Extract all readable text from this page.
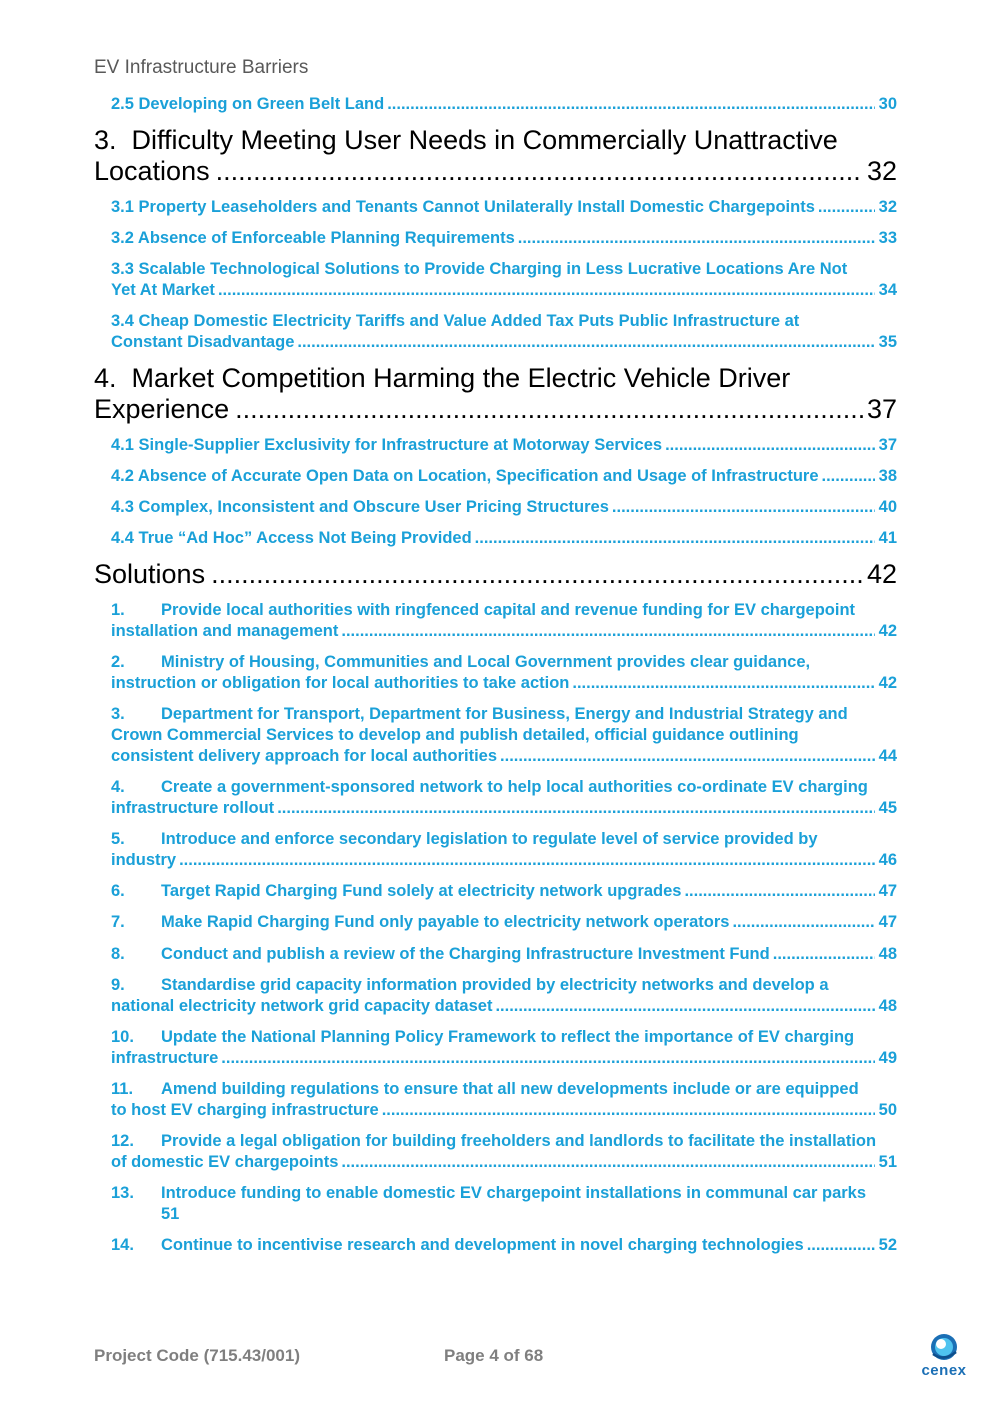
EV Infrastructure Barriers
2.5 Developing on Green Belt Land .....	30
3.  Difficulty Meeting User Needs in Commercially Unattractive
Locations .....	32
3.1 Property Leaseholders and Tenants Cannot Unilaterally Install Domestic Chargepoints .....	32
3.2 Absence of Enforceable Planning Requirements .....	33
3.3 Scalable Technological Solutions to Provide Charging in Less Lucrative Locations Are Not
Yet At Market .....	34
3.4 Cheap Domestic Electricity Tariffs and Value Added Tax Puts Public Infrastructure at
Constant Disadvantage .....	35
4.  Market Competition Harming the Electric Vehicle Driver
Experience .....	37
4.1 Single-Supplier Exclusivity for Infrastructure at Motorway Services .....	37
4.2 Absence of Accurate Open Data on Location, Specification and Usage of Infrastructure .....	38
4.3 Complex, Inconsistent and Obscure User Pricing Structures .....	40
4.4 True “Ad Hoc” Access Not Being Provided .....	41
Solutions .....	42
1. Provide local authorities with ringfenced capital and revenue funding for EV chargepoint
installation and management .....	42
2. Ministry of Housing, Communities and Local Government provides clear guidance,
instruction or obligation for local authorities to take action .....	42
3. Department for Transport, Department for Business, Energy and Industrial Strategy and
Crown Commercial Services to develop and publish detailed, official guidance outlining
consistent delivery approach for local authorities .....	44
4. Create a government-sponsored network to help local authorities co-ordinate EV charging
infrastructure rollout .....	45
5. Introduce and enforce secondary legislation to regulate level of service provided by
industry .....	46
6. Target Rapid Charging Fund solely at electricity network upgrades .....	47
7. Make Rapid Charging Fund only payable to electricity network operators .....	47
8. Conduct and publish a review of the Charging Infrastructure Investment Fund .....	48
9. Standardise grid capacity information provided by electricity networks and develop a
national electricity network grid capacity dataset .....	48
10. Update the National Planning Policy Framework to reflect the importance of EV charging
infrastructure .....	49
11. Amend building regulations to ensure that all new developments include or are equipped
to host EV charging infrastructure .....	50
12. Provide a legal obligation for building freeholders and landlords to facilitate the installation
of domestic EV chargepoints .....	51
13. Introduce funding to enable domestic EV chargepoint installations in communal car parks
51
14. Continue to incentivise research and development in novel charging technologies .....	52
Project Code (715.43/001)	Page 4 of 68
cenex
